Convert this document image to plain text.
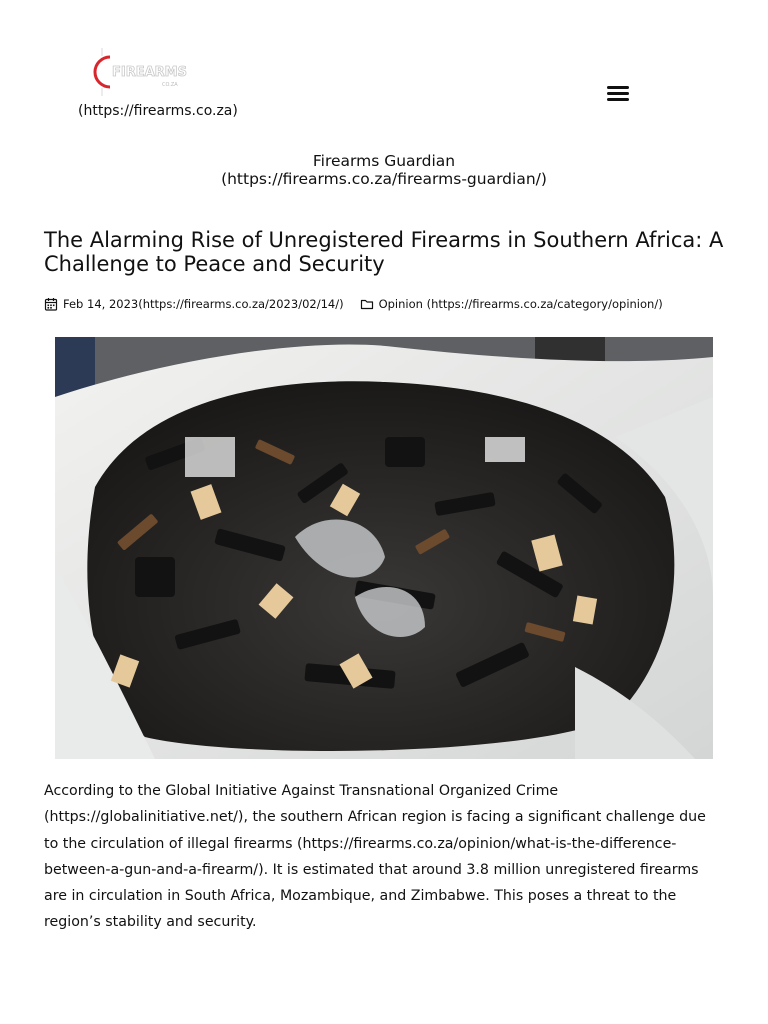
FIREARMS
CO.ZA
(https://firearms.co.za)
Firearms Guardian
(https://firearms.co.za/firearms-guardian/)
The Alarming Rise of Unregistered Firearms in Southern Africa: A Challenge to Peace and Security
Feb 14, 2023(https://firearms.co.za/2023/02/14/)	Opinion (https://firearms.co.za/category/opinion/)

According to the Global Initiative Against Transnational Organized Crime (https://globalinitiative.net/), the southern African region is facing a significant challenge due to the circulation of illegal firearms (https://firearms.co.za/opinion/what-is-the-difference-between-a-gun-and-a-firearm/). It is estimated that around 3.8 million unregistered firearms are in circulation in South Africa, Mozambique, and Zimbabwe. This poses a threat to the region’s stability and security.
